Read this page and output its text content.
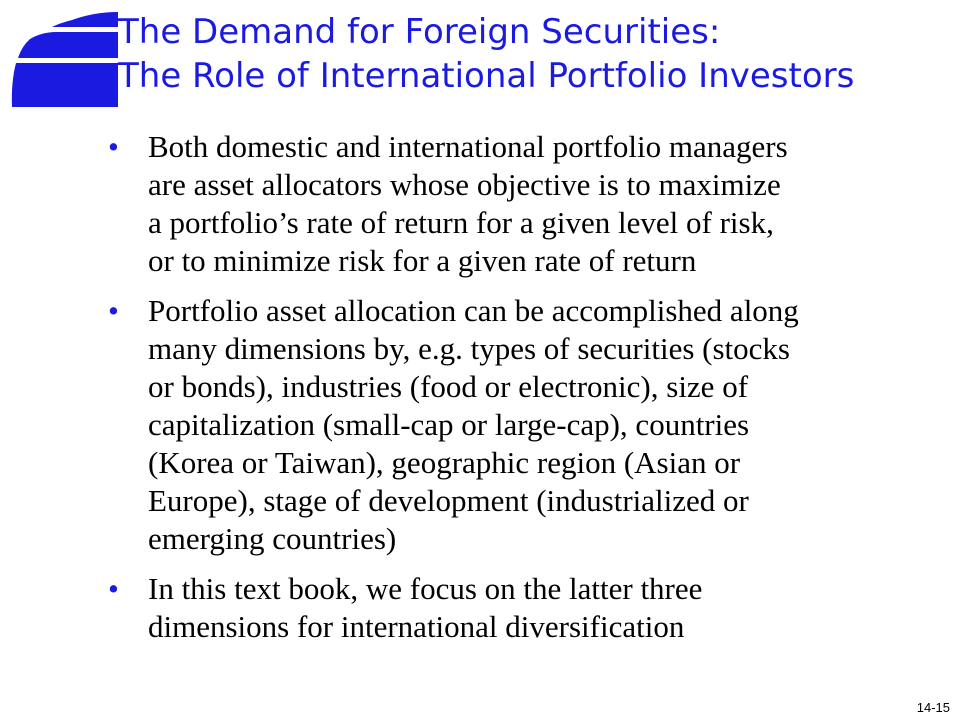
The Demand for Foreign Securities:
The Role of International Portfolio Investors
• Both domestic and international portfolio managers
are asset allocators whose objective is to maximize
a portfolio’s rate of return for a given level of risk,
or to minimize risk for a given rate of return
• Portfolio asset allocation can be accomplished along
many dimensions by, e.g. types of securities (stocks
or bonds), industries (food or electronic), size of
capitalization (small-cap or large-cap), countries
(Korea or Taiwan), geographic region (Asian or
Europe), stage of development (industrialized or
emerging countries)
• In this text book, we focus on the latter three
dimensions for international diversification
14-15
